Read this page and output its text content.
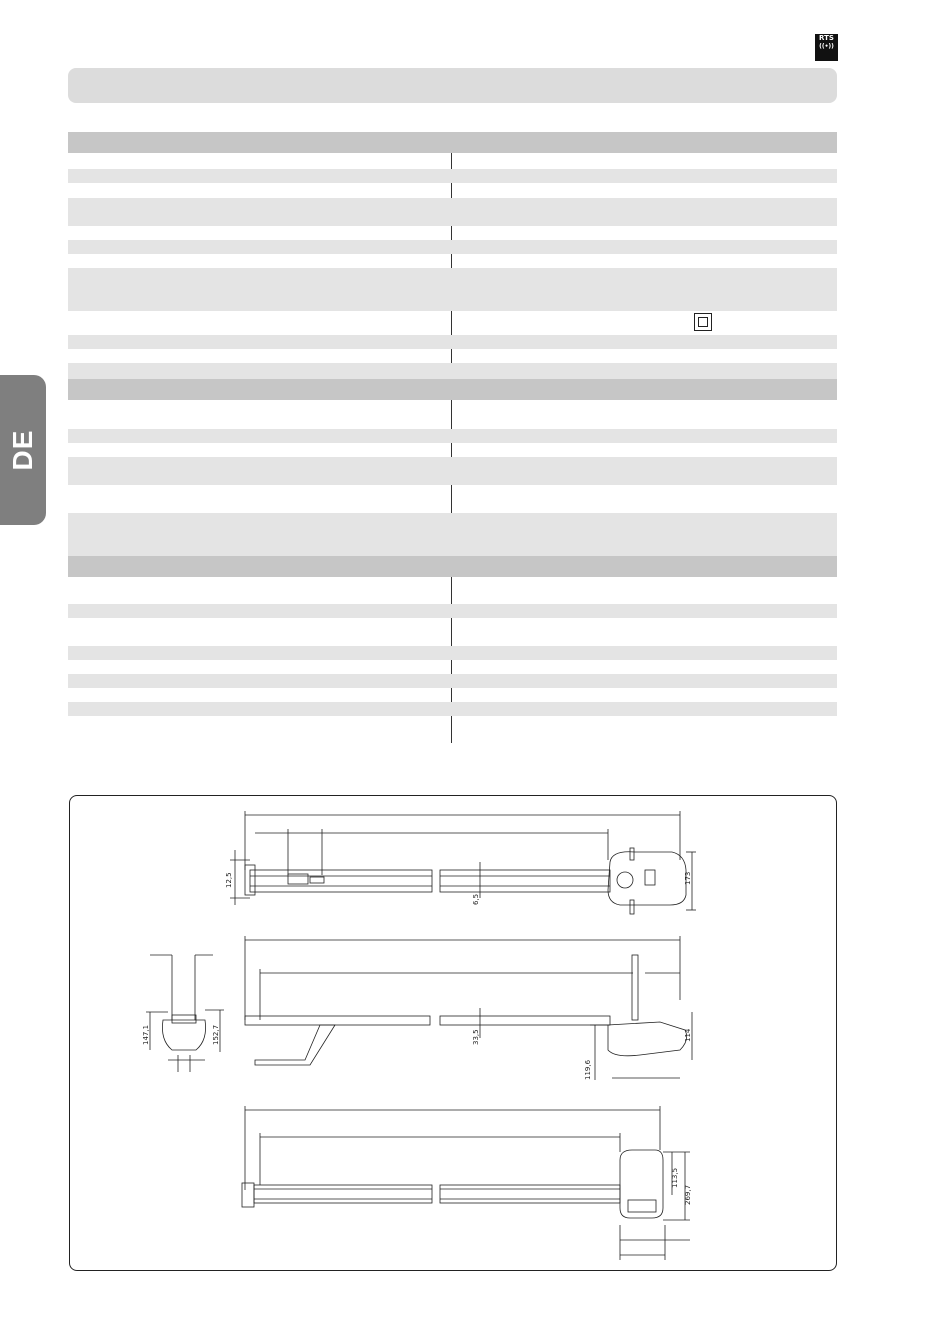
RTS
((•))

DE
12,5
6,5
173
147,1	152,7	33,5
119,6
114
113,5
269,7
